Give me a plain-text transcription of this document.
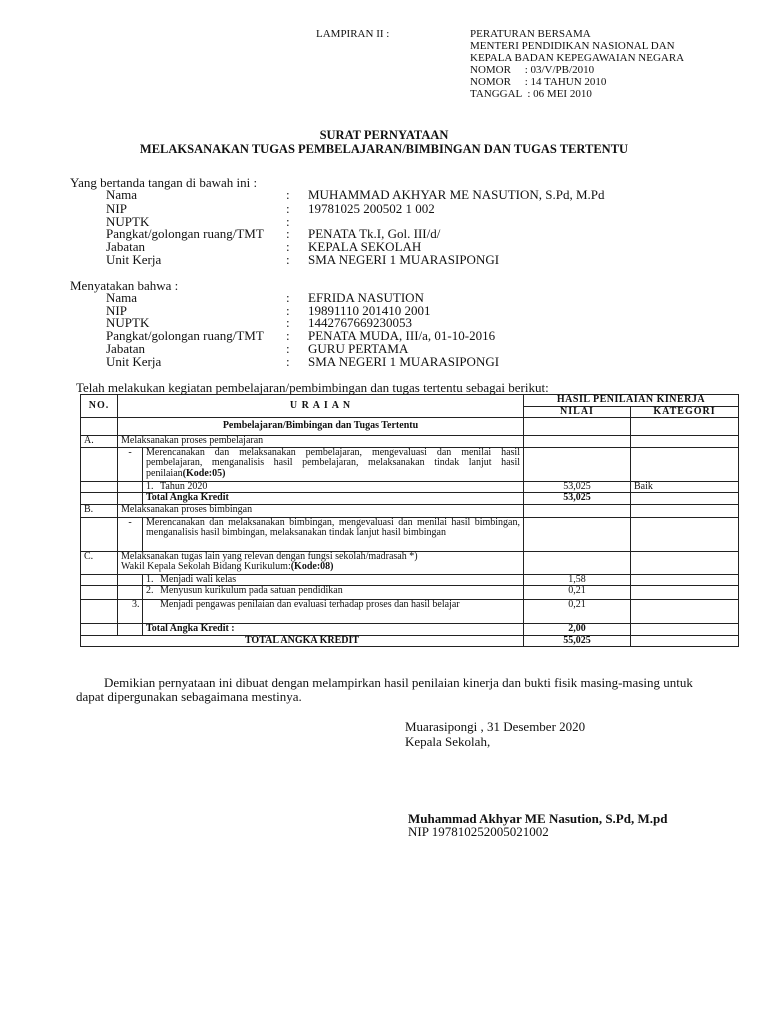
LAMPIRAN II :	PERATURAN BERSAMA
MENTERI PENDIDIKAN NASIONAL DAN
KEPALA BADAN KEPEGAWAIAN NEGARA
NOMOR     : 03/V/PB/2010
NOMOR     : 14 TAHUN 2010
TANGGAL  : 06 MEI 2010
SURAT PERNYATAAN
MELAKSANAKAN TUGAS PEMBELAJARAN/BIMBINGAN DAN TUGAS TERTENTU
Yang bertanda tangan di bawah ini :
Nama	: MUHAMMAD AKHYAR ME NASUTION, S.Pd, M.Pd
NIP	: 19781025 200502 1 002
NUPTK	:
Pangkat/golongan ruang/TMT : PENATA Tk.I, Gol. III/d/
Jabatan	: KEPALA SEKOLAH
Unit Kerja	: SMA NEGERI 1 MUARASIPONGI
Menyatakan bahwa :
Nama	: EFRIDA NASUTION
NIP	: 19891110 201410 2001
NUPTK	: 1442767669230053
Pangkat/golongan ruang/TMT : PENATA MUDA, III/a, 01-10-2016
Jabatan	: GURU PERTAMA
Unit Kerja	: SMA NEGERI 1 MUARASIPONGI
Telah melakukan kegiatan pembelajaran/pembimbingan dan tugas tertentu sebagai berikut:
NO.	U R A I A N		HASIL PENILAIAN KINERJA	
			NILAI	KATEGORI
	Pembelajaran/Bimbingan dan Tugas Tertentu			
A.	Melaksanakan proses pembelajaran			
	-	Merencanakan dan melaksanakan pembelajaran, mengevaluasi dan menilai hasil pembelajaran, menganalisis hasil pembelajaran, melaksanakan tindak lanjut hasil penilaian(Kode:05)		
		1. Tahun 2020	53,025	Baik
		Total Angka Kredit	53,025	
B.	Melaksanakan proses bimbingan			
	-	Merencanakan dan melaksanakan bimbingan, mengevaluasi dan menilai hasil bimbingan, menganalisis hasil bimbingan, melaksanakan tindak lanjut hasil bimbingan		
C.	Melaksanakan tugas lain yang relevan dengan fungsi sekolah/madrasah *)
Wakil Kepala Sekolah Bidang Kurikulum:(Kode:08)			
		1. Menjadi wali kelas	1,58	
		2. Menyusun kurikulum pada satuan pendidikan	0,21	
		3. Menjadi pengawas penilaian dan evaluasi terhadap proses dan hasil belajar	0,21	
		Total Angka Kredit :	2,00	
TOTAL ANGKA KREDIT			55,025	
Demikian pernyataan ini dibuat dengan melampirkan hasil penilaian kinerja dan bukti fisik masing-masing untuk dapat dipergunakan sebagaimana mestinya.
Muarasipongi , 31 Desember 2020
Kepala Sekolah,
Muhammad Akhyar ME Nasution, S.Pd, M.pd
NIP 197810252005021002
